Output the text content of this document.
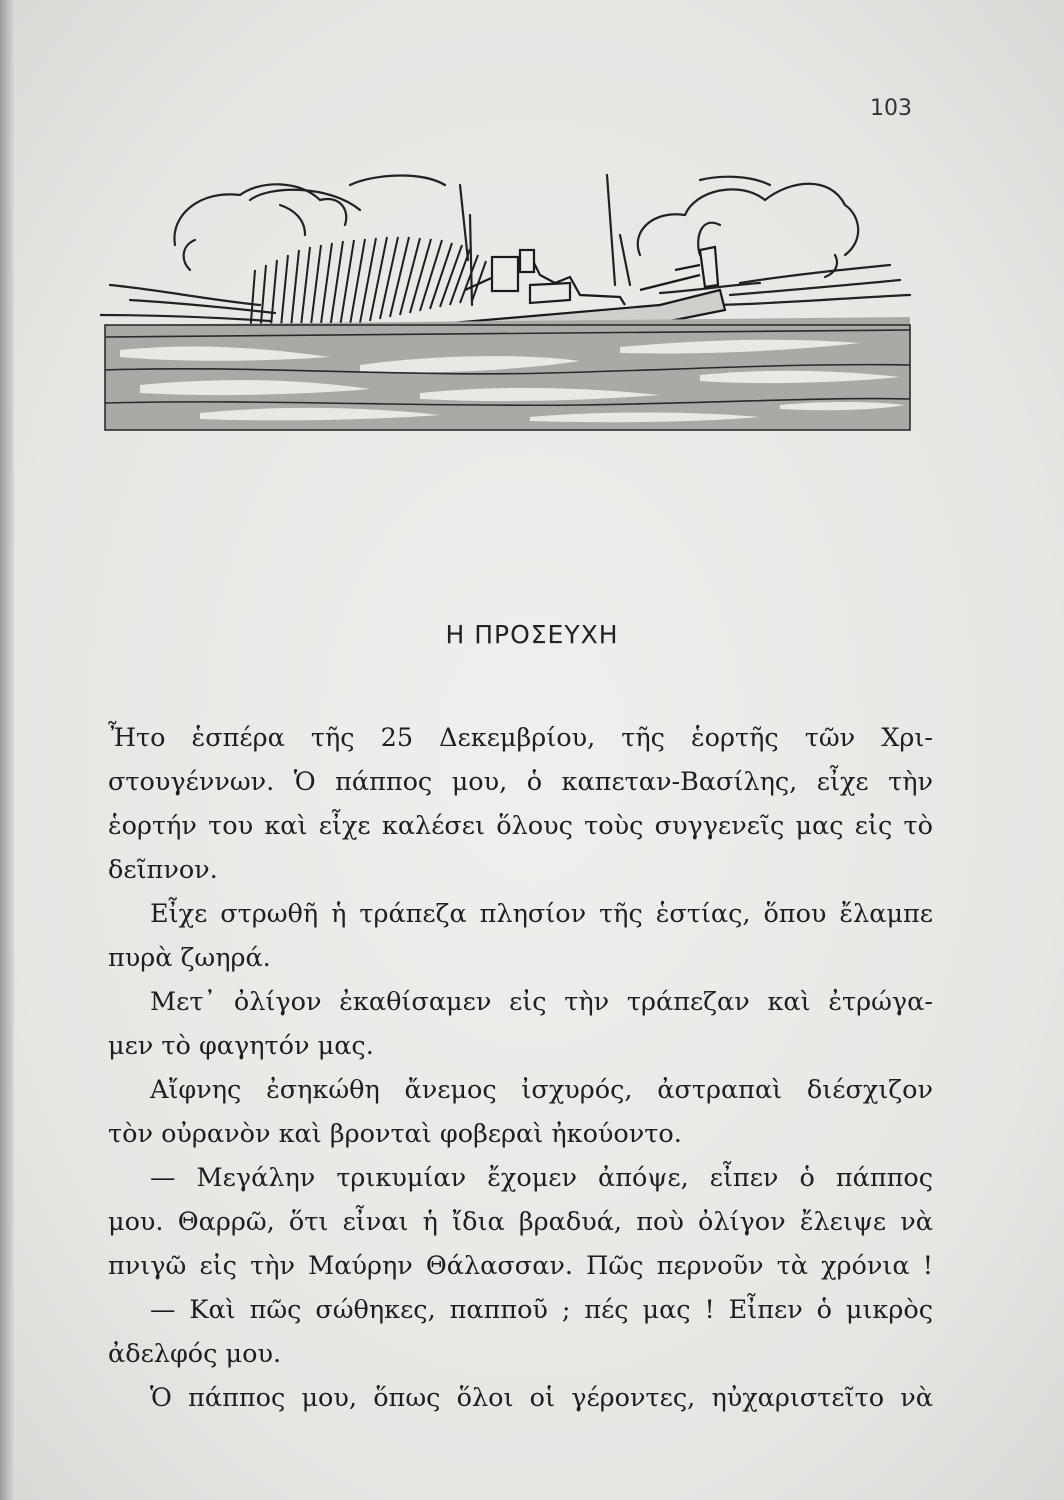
103
Η ΠΡΟΣΕΥΧΗ
Ἦτο ἑσπέρα τῆς 25 Δεκεμβρίου, τῆς ἑορτῆς τῶν Χρι-
στουγέννων. Ὁ πάππος μου, ὁ καπεταν-Βασίλης, εἶχε τὴν
ἑορτήν του καὶ εἶχε καλέσει ὅλους τοὺς συγγενεῖς μας εἰς τὸ
δεῖπνον.
Εἶχε στρωθῆ ἡ τράπεζα πλησίον τῆς ἑστίας, ὅπου ἔλαμπε
πυρὰ ζωηρά.
Μετ᾽ ὀλίγον ἐκαθίσαμεν εἰς τὴν τράπεζαν καὶ ἐτρώγα-
μεν τὸ φαγητόν μας.
Αἴφνης ἐσηκώθη ἄνεμος ἰσχυρός, ἀστραπαὶ διέσχιζον
τὸν οὐρανὸν καὶ βρονταὶ φοβεραὶ ἠκούοντο.
— Μεγάλην τρικυμίαν ἔχομεν ἀπόψε, εἶπεν ὁ πάππος
μου. Θαρρῶ, ὅτι εἶναι ἡ ἴδια βραδυά, ποὺ ὀλίγον ἔλειψε νὰ
πνιγῶ εἰς τὴν Μαύρην Θάλασσαν. Πῶς περνοῦν τὰ χρόνια !
— Καὶ πῶς σώθηκες, παπποῦ ; πές μας ! Εἶπεν ὁ μικρὸς
ἀδελφός μου.
Ὁ πάππος μου, ὅπως ὅλοι οἱ γέροντες, ηὐχαριστεῖτο νὰ
